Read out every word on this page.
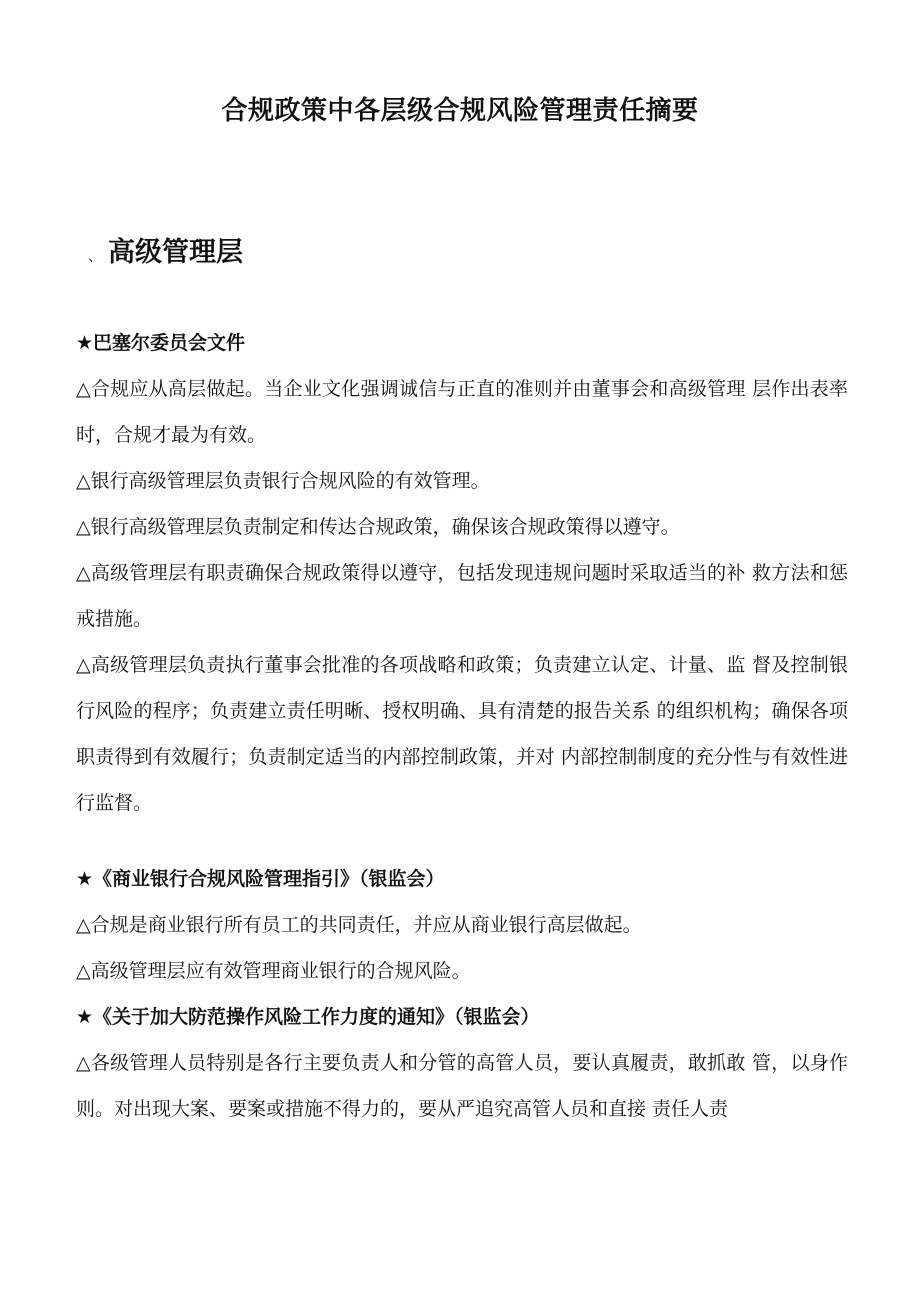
合规政策中各层级合规风险管理责任摘要
、 高级管理层
★巴塞尔委员会文件
△合规应从高层做起。当企业文化强调诚信与正直的准则并由董事会和高级管理 层作出表率时，合规才最为有效。
△银行高级管理层负责银行合规风险的有效管理。
△银行高级管理层负责制定和传达合规政策，确保该合规政策得以遵守。
△高级管理层有职责确保合规政策得以遵守，包括发现违规问题时采取适当的补 救方法和惩戒措施。
△高级管理层负责执行董事会批准的各项战略和政策；负责建立认定、计量、监 督及控制银行风险的程序；负责建立责任明晰、授权明确、具有清楚的报告关系 的组织机构；确保各项职责得到有效履行；负责制定适当的内部控制政策，并对 内部控制制度的充分性与有效性进行监督。
★《商业银行合规风险管理指引》（银监会）
△合规是商业银行所有员工的共同责任，并应从商业银行高层做起。
△高级管理层应有效管理商业银行的合规风险。
★《关于加大防范操作风险工作力度的通知》（银监会）
△各级管理人员特别是各行主要负责人和分管的高管人员，要认真履责，敢抓敢 管，以身作则。对出现大案、要案或措施不得力的，要从严追究高管人员和直接 责任人责
